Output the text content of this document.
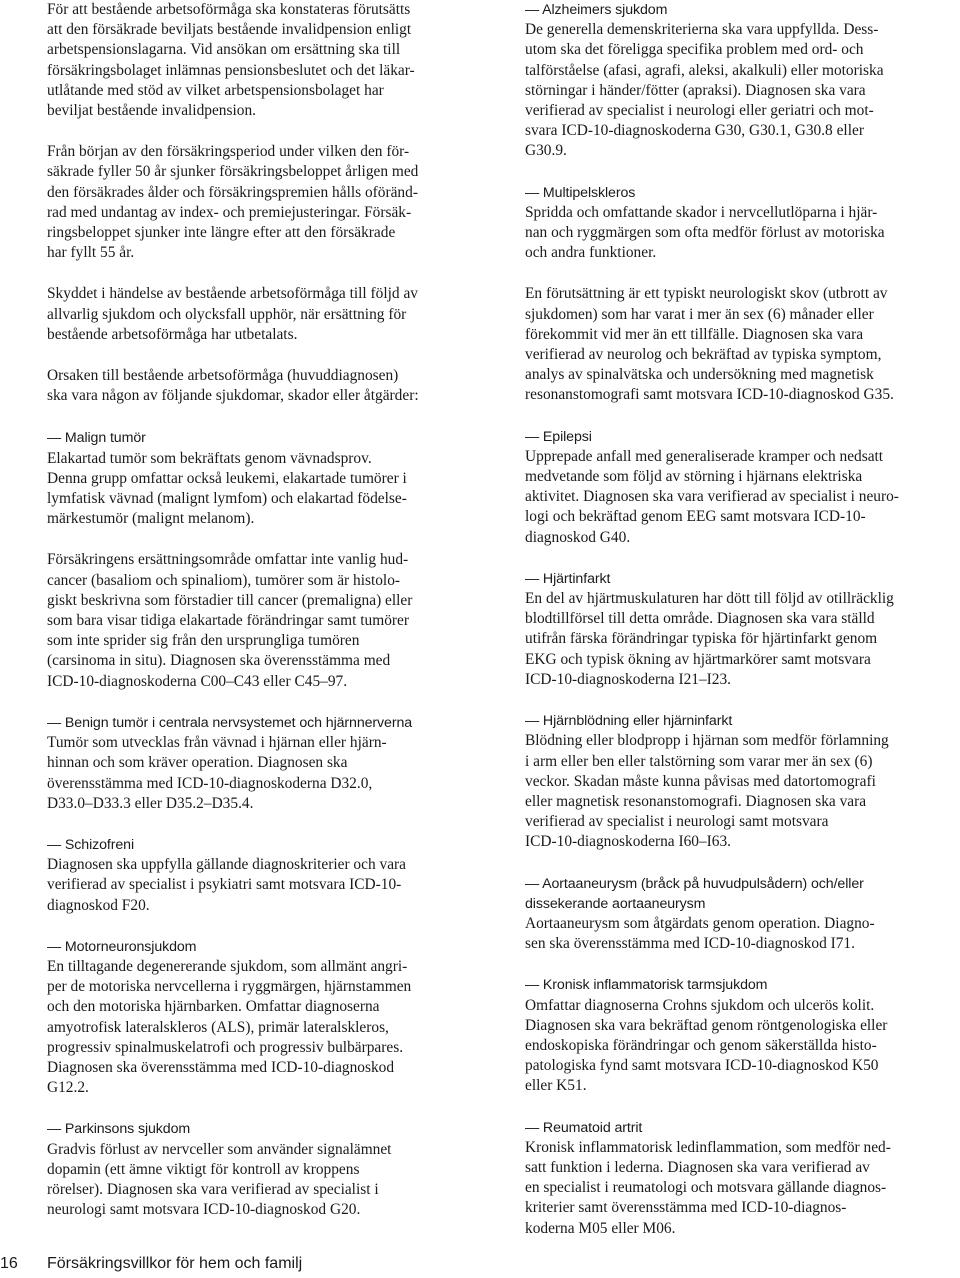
För att bestående arbetsoförmåga ska konstateras förutsätts
att den försäkrade beviljats bestående invalidpension enligt
arbetspensionslagarna. Vid ansökan om ersättning ska till
försäkringsbolaget inlämnas pensionsbeslutet och det läkar-
utlåtande med stöd av vilket arbetspensionsbolaget har
beviljat bestående invalidpension.

Från början av den försäkringsperiod under vilken den för-
säkrade fyller 50 år sjunker försäkringsbeloppet årligen med
den försäkrades ålder och försäkringspremien hålls oföränd-
rad med undantag av index- och premiejusteringar. Försäk-
ringsbeloppet sjunker inte längre efter att den försäkrade
har fyllt 55 år.

Skyddet i händelse av bestående arbetsoförmåga till följd av
allvarlig sjukdom och olycksfall upphör, när ersättning för
bestående arbetsoförmåga har utbetalats.

Orsaken till bestående arbetsoförmåga (huvuddiagnosen)
ska vara någon av följande sjukdomar, skador eller åtgärder:

— Malign tumör

Elakartad tumör som bekräftats genom vävnadsprov.
Denna grupp omfattar också leukemi, elakartade tumörer i
lymfatisk vävnad (malignt lymfom) och elakartad födelse-
märkestumör (malignt melanom).

Försäkringens ersättningsområde omfattar inte vanlig hud-
cancer (basaliom och spinaliom), tumörer som är histolo-
giskt beskrivna som förstadier till cancer (premaligna) eller
som bara visar tidiga elakartade förändringar samt tumörer
som inte sprider sig från den ursprungliga tumören
(carsinoma in situ). Diagnosen ska överensstämma med
ICD-10-diagnoskoderna C00–C43 eller C45–97.

— Benign tumör i centrala nervsystemet och hjärnnerverna

Tumör som utvecklas från vävnad i hjärnan eller hjärn-
hinnan och som kräver operation. Diagnosen ska
överensstämma med ICD-10-diagnoskoderna D32.0,
D33.0–D33.3 eller D35.2–D35.4.

— Schizofreni

Diagnosen ska uppfylla gällande diagnoskriterier och vara
verifierad av specialist i psykiatri samt motsvara ICD-10-
diagnoskod F20.

— Motorneuronsjukdom

En tilltagande degenererande sjukdom, som allmänt angri-
per de motoriska nervcellerna i ryggmärgen, hjärnstammen
och den motoriska hjärnbarken. Omfattar diagnoserna
amyotrofisk lateralskleros (ALS), primär lateralskleros,
progressiv spinalmuskelatrofi och progressiv bulbärpares.
Diagnosen ska överensstämma med ICD-10-diagnoskod
G12.2.

— Parkinsons sjukdom

Gradvis förlust av nervceller som använder signalämnet
dopamin (ett ämne viktigt för kontroll av kroppens
rörelser). Diagnosen ska vara verifierad av specialist i
neurologi samt motsvara ICD-10-diagnoskod G20.

— Alzheimers sjukdom

De generella demenskriterierna ska vara uppfyllda. Dess-
utom ska det föreligga specifika problem med ord- och
talförståelse (afasi, agrafi, aleksi, akalkuli) eller motoriska
störningar i händer/fötter (apraksi). Diagnosen ska vara
verifierad av specialist i neurologi eller geriatri och mot-
svara ICD-10-diagnoskoderna G30, G30.1, G30.8 eller
G30.9.

— Multipelskleros

Spridda och omfattande skador i nervcellutlöparna i hjär-
nan och ryggmärgen som ofta medför förlust av motoriska
och andra funktioner.

En förutsättning är ett typiskt neurologiskt skov (utbrott av
sjukdomen) som har varat i mer än sex (6) månader eller
förekommit vid mer än ett tillfälle. Diagnosen ska vara
verifierad av neurolog och bekräftad av typiska symptom,
analys av spinalvätska och undersökning med magnetisk
resonanstomografi samt motsvara ICD-10-diagnoskod G35.

— Epilepsi

Upprepade anfall med generaliserade kramper och nedsatt
medvetande som följd av störning i hjärnans elektriska
aktivitet. Diagnosen ska vara verifierad av specialist i neuro-
logi och bekräftad genom EEG samt motsvara ICD-10-
diagnoskod G40.

— Hjärtinfarkt

En del av hjärtmuskulaturen har dött till följd av otillräcklig
blodtillförsel till detta område. Diagnosen ska vara ställd
utifrån färska förändringar typiska för hjärtinfarkt genom
EKG och typisk ökning av hjärtmarkörer samt motsvara
ICD-10-diagnoskoderna I21–I23.

— Hjärnblödning eller hjärninfarkt

Blödning eller blodpropp i hjärnan som medför förlamning
i arm eller ben eller talstörning som varar mer än sex (6)
veckor. Skadan måste kunna påvisas med datortomografi
eller magnetisk resonanstomografi. Diagnosen ska vara
verifierad av specialist i neurologi samt motsvara
ICD-10-diagnoskoderna I60–I63.

— Aortaaneurysm (bråck på huvudpulsådern) och/eller
dissekerande aortaaneurysm

Aortaaneurysm som åtgärdats genom operation. Diagno-
sen ska överensstämma med ICD-10-diagnoskod I71.

— Kronisk inflammatorisk tarmsjukdom

Omfattar diagnoserna Crohns sjukdom och ulcerös kolit.
Diagnosen ska vara bekräftad genom röntgenologiska eller
endoskopiska förändringar och genom säkerställda histo-
patologiska fynd samt motsvara ICD-10-diagnoskod K50
eller K51.

— Reumatoid artrit

Kronisk inflammatorisk ledinflammation, som medför ned-
satt funktion i lederna. Diagnosen ska vara verifierad av
en specialist i reumatologi och motsvara gällande diagnos-
kriterier samt överensstämma med ICD-10-diagnos-
koderna M05 eller M06.

16 Försäkringsvillkor för hem och familj
